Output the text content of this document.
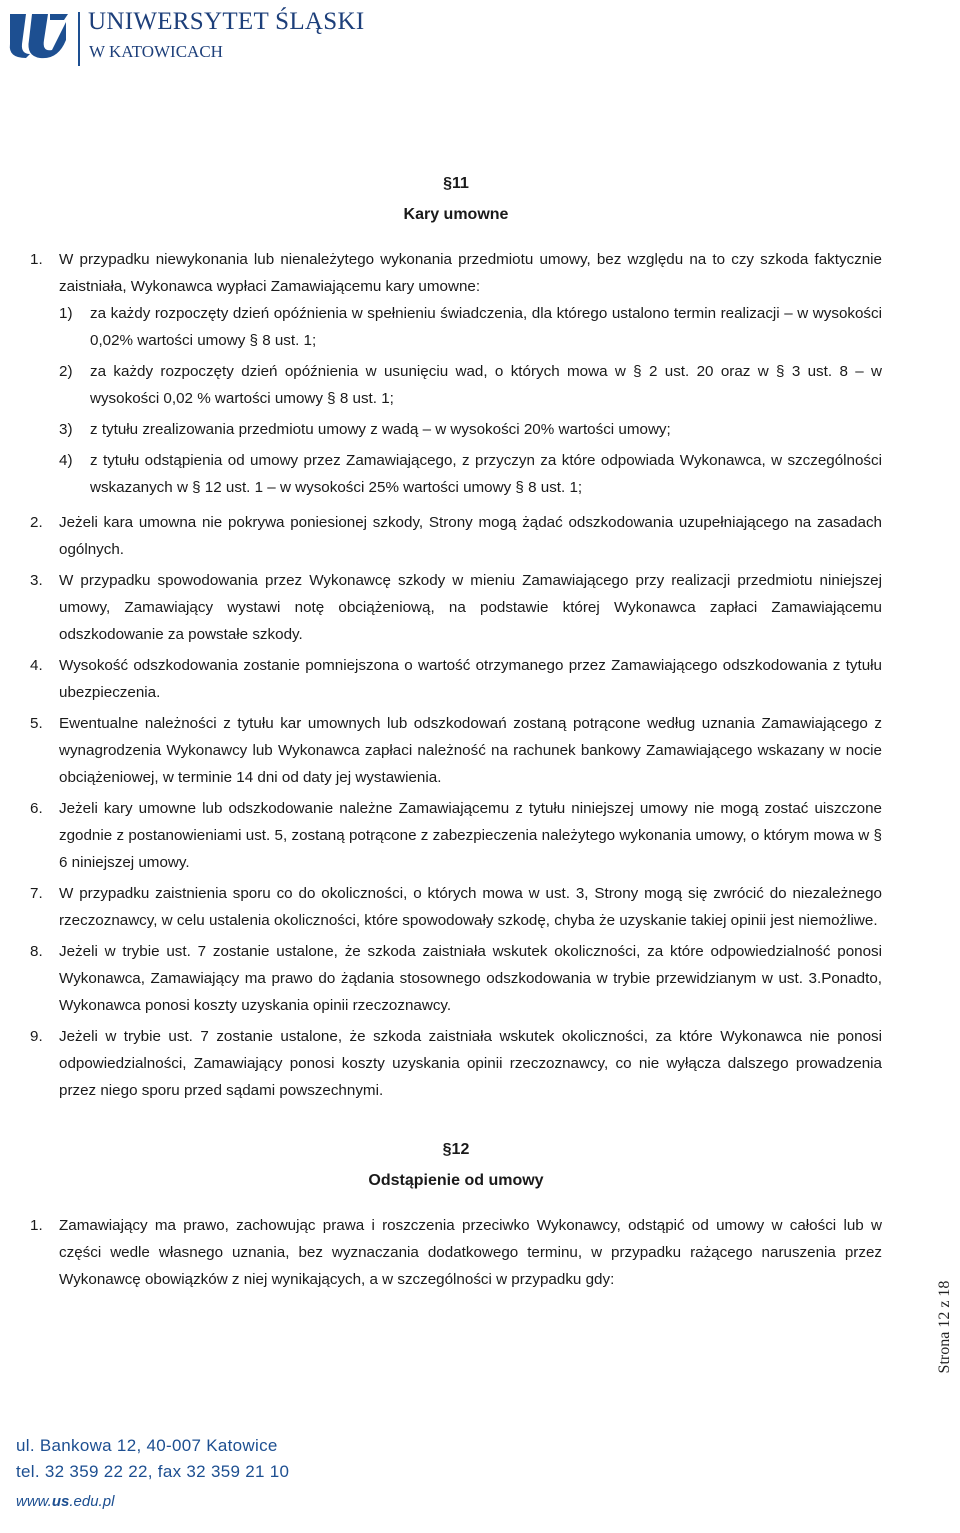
UNIWERSYTET ŚLĄSKI
W KATOWICACH

§11

Kary umowne

1.	W przypadku niewykonania lub nienależytego wykonania przedmiotu umowy, bez względu na to czy szkoda faktycznie zaistniała, Wykonawca wypłaci Zamawiającemu kary umowne:
1)	za każdy rozpoczęty dzień opóźnienia w spełnieniu świadczenia, dla którego ustalono termin realizacji – w wysokości 0,02% wartości umowy § 8 ust. 1;
2)	za każdy rozpoczęty dzień opóźnienia w usunięciu wad, o których mowa w § 2 ust. 20 oraz w § 3 ust. 8 – w wysokości 0,02 % wartości umowy § 8 ust. 1;
3)	z tytułu zrealizowania przedmiotu umowy z wadą – w wysokości 20% wartości umowy;
4)	z tytułu odstąpienia od umowy przez Zamawiającego, z przyczyn za które odpowiada Wykonawca, w szczególności wskazanych w § 12 ust. 1 – w wysokości 25% wartości umowy § 8 ust. 1;
2.	Jeżeli kara umowna nie pokrywa poniesionej szkody, Strony mogą żądać odszkodowania uzupełniającego na zasadach ogólnych.
3.	W przypadku spowodowania przez Wykonawcę szkody w mieniu Zamawiającego przy realizacji przedmiotu niniejszej umowy, Zamawiający wystawi notę obciążeniową, na podstawie której Wykonawca zapłaci Zamawiającemu odszkodowanie za powstałe szkody.
4.	Wysokość odszkodowania zostanie pomniejszona o wartość otrzymanego przez Zamawiającego odszkodowania z tytułu ubezpieczenia.
5.	Ewentualne należności z tytułu kar umownych lub odszkodowań zostaną potrącone według uznania Zamawiającego z wynagrodzenia Wykonawcy lub Wykonawca zapłaci należność na rachunek bankowy Zamawiającego wskazany w nocie obciążeniowej, w terminie 14 dni od daty jej wystawienia.
6.	Jeżeli kary umowne lub odszkodowanie należne Zamawiającemu z tytułu niniejszej umowy nie mogą zostać uiszczone zgodnie z postanowieniami ust. 5, zostaną potrącone z zabezpieczenia należytego wykonania umowy, o którym mowa w § 6 niniejszej umowy.
7.	W przypadku zaistnienia sporu co do okoliczności, o których mowa w ust. 3, Strony mogą się zwrócić do niezależnego rzeczoznawcy, w celu ustalenia okoliczności, które spowodowały szkodę, chyba że uzyskanie takiej opinii jest niemożliwe.
8.	Jeżeli w trybie ust. 7 zostanie ustalone, że szkoda zaistniała wskutek okoliczności, za które odpowiedzialność ponosi Wykonawca, Zamawiający ma prawo do żądania stosownego odszkodowania w trybie przewidzianym w ust. 3.Ponadto, Wykonawca ponosi koszty uzyskania opinii rzeczoznawcy.
9.	Jeżeli w trybie ust. 7 zostanie ustalone, że szkoda zaistniała wskutek okoliczności, za które Wykonawca nie ponosi odpowiedzialności, Zamawiający ponosi koszty uzyskania opinii rzeczoznawcy, co nie wyłącza dalszego prowadzenia przez niego sporu przed sądami powszechnymi.

§12

Odstąpienie od umowy

1.	Zamawiający ma prawo, zachowując prawa i roszczenia przeciwko Wykonawcy, odstąpić od umowy w całości lub w części wedle własnego uznania, bez wyznaczania dodatkowego terminu, w przypadku rażącego naruszenia przez Wykonawcę obowiązków z niej wynikających, a w szczególności w przypadku gdy:
Strona 12 z 18
ul. Bankowa 12, 40-007 Katowice
tel. 32 359 22 22, fax 32 359 21 10
www.us.edu.pl
